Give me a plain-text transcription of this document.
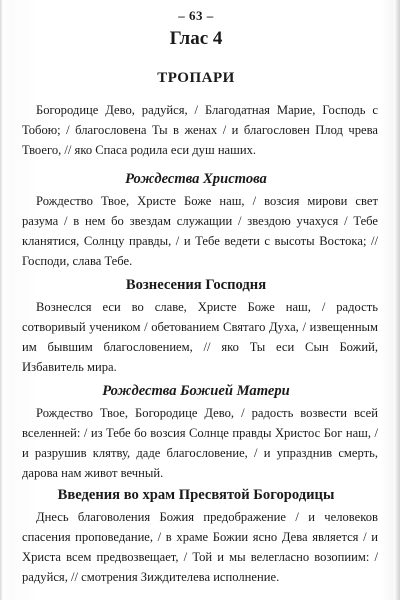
– 63 –
Глас 4
ТРОПАРИ
Богородице Дево, радуйся, / Благодатная Марие, Господь с Тобою; / благословена Ты в женах / и благословен Плод чрева Твоего, // яко Спаса родила еси душ наших.
Рождества Христова
Рождество Твое, Христе Боже наш, / возсия мирови свет разума / в нем бо звездам служащии / звездою учахуся / Тебе кланятися, Солнцу правды, / и Тебе ведети с высоты Востока; // Господи, слава Тебе.
Вознесения Господня
Вознеслся еси во славе, Христе Боже наш, / радость сотворивый учеником / обетованием Святаго Духа, / извещенным им бывшим благословением, // яко Ты еси Сын Божий, Избавитель мира.
Рождества Божией Матери
Рождество Твое, Богородице Дево, / радость возвести всей вселенней: / из Тебе бо возсия Солнце правды Христос Бог наш, / и разрушив клятву, даде благословение, / и упразднив смерть, дарова нам живот вечный.
Введения во храм Пресвятой Богородицы
Днесь благоволения Божия предображение / и человеков спасения проповедание, / в храме Божии ясно Дева является / и Христа всем предвозвещает, / Той и мы велегласно возопиим: / радуйся, // смотрения Зиждителева исполнение.
